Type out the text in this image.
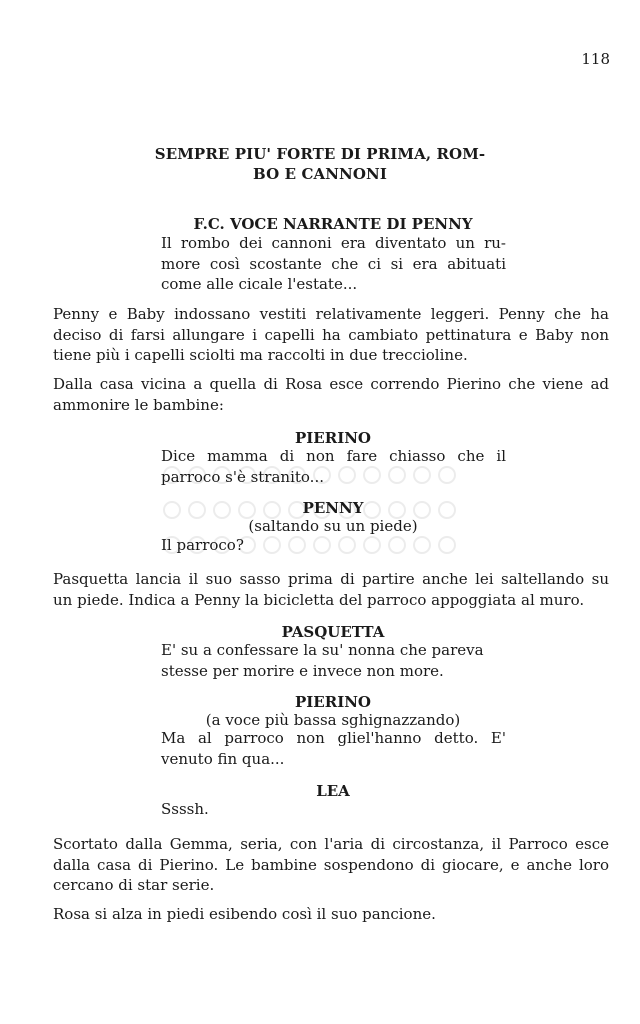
118
SEMPRE PIU' FORTE DI PRIMA, ROM-
BO E CANNONI
F.C. VOCE NARRANTE DI PENNY
Il rombo dei cannoni era diventato un ru-
more così scostante che ci si era abituati
come alle cicale l'estate...
Penny e Baby indossano vestiti relativamente leggeri. Penny che ha
deciso di farsi allungare i capelli ha cambiato pettinatura e Baby non
tiene più i capelli sciolti ma raccolti in due treccioline.
Dalla casa vicina a quella di Rosa esce correndo Pierino che viene ad
ammonire le bambine:
PIERINO
Dice mamma di non fare chiasso che il
parroco s'è stranito...
PENNY
(saltando su un piede)
Il parroco?
Pasquetta lancia il suo sasso prima di partire anche lei saltellando su
un piede. Indica a Penny la bicicletta del parroco appoggiata al muro.
PASQUETTA
E' su a confessare la su' nonna che pareva
stesse per morire e invece non more.
PIERINO
(a voce più bassa sghignazzando)
Ma al parroco non gliel'hanno detto. E'
venuto fin qua...
LEA
Ssssh.
Scortato dalla Gemma, seria, con l'aria di circostanza, il Parroco esce
dalla casa di Pierino. Le bambine sospendono di giocare, e anche loro
cercano di star serie.
Rosa si alza in piedi esibendo così il suo pancione.
